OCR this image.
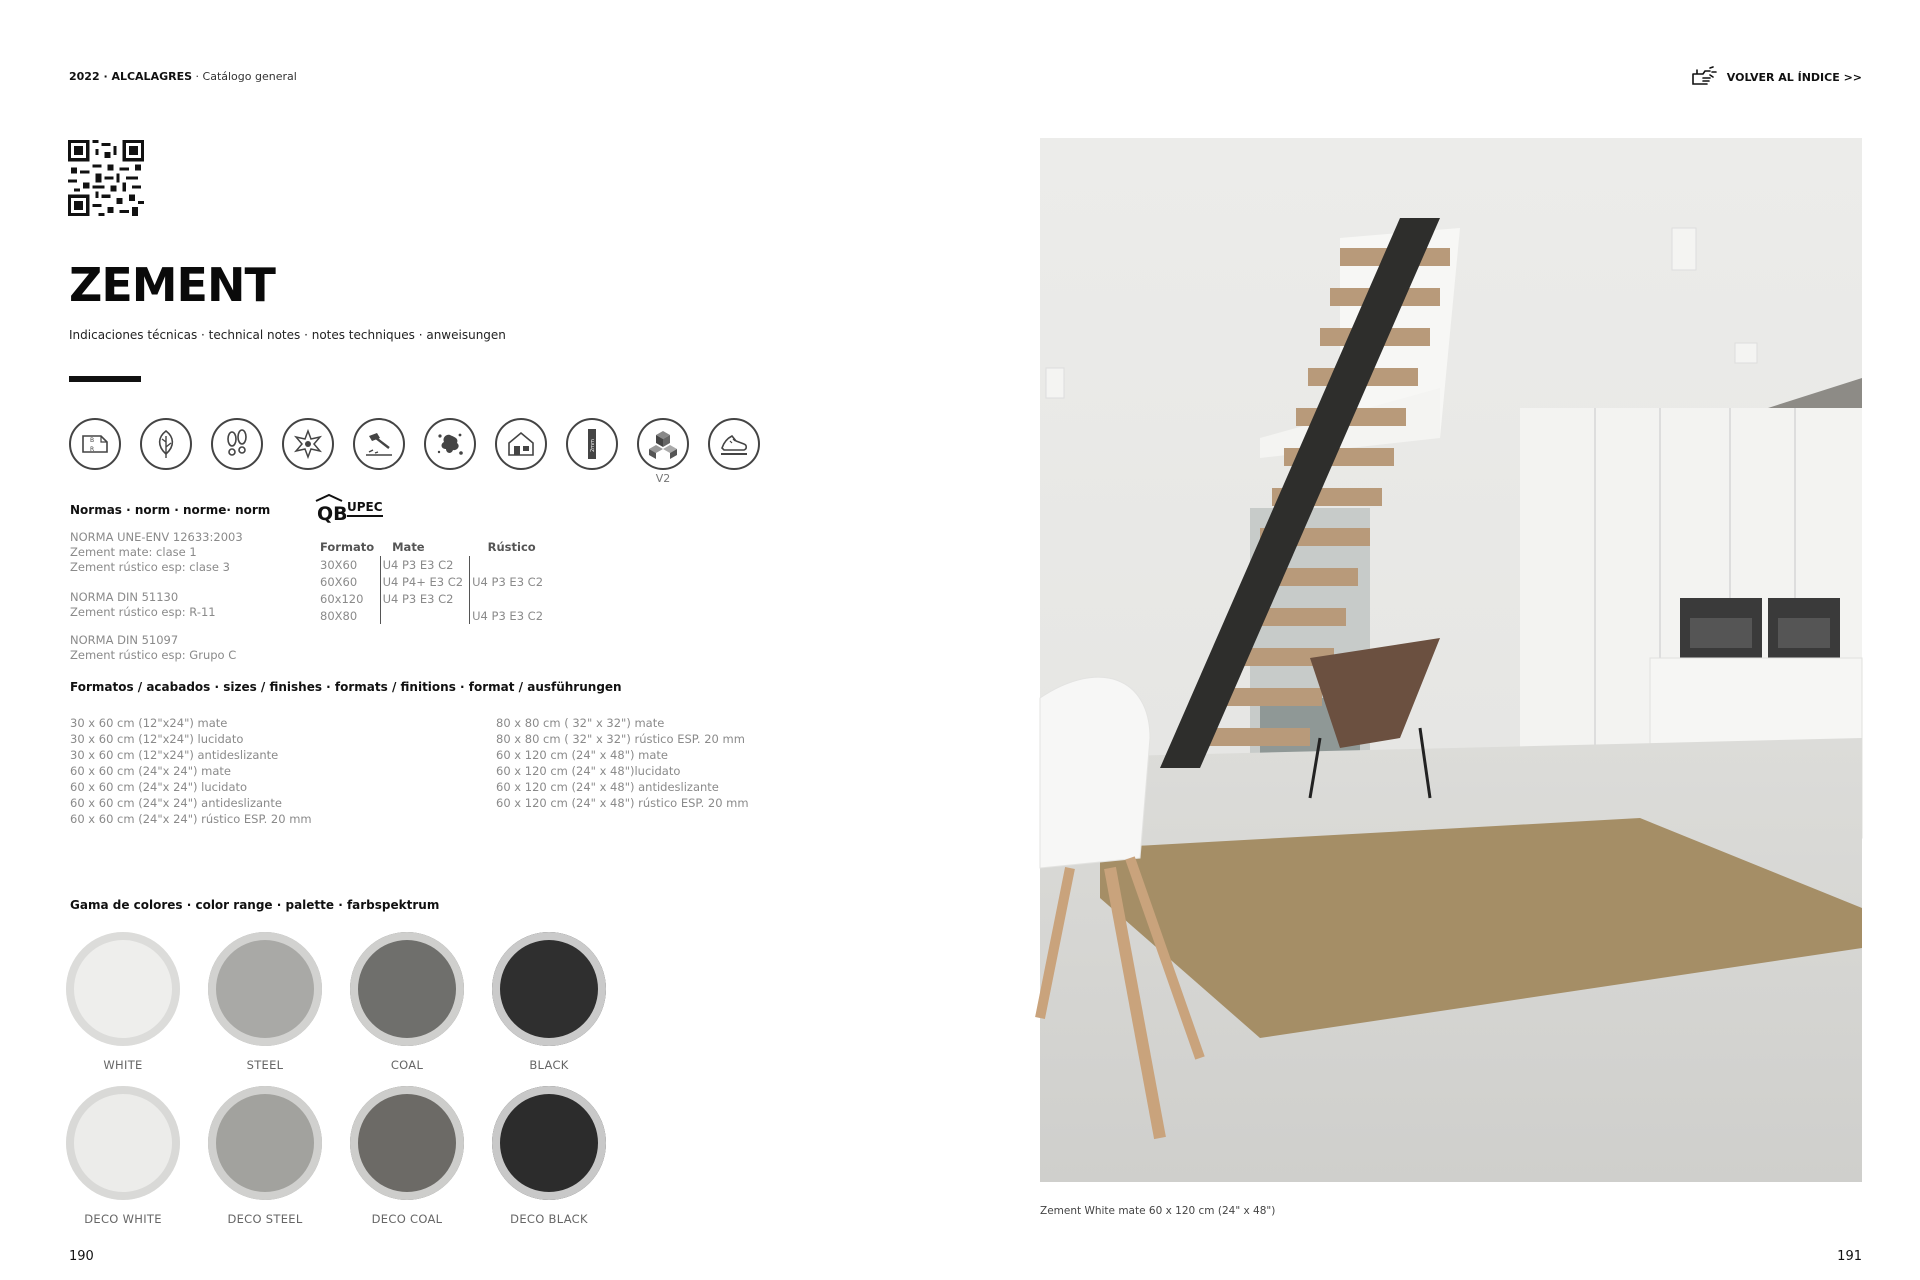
2022 · ALCALAGRES · Catálogo general	VOLVER AL ÍNDICE >>
ZEMENT
Indicaciones técnicas · technical notes · notes techniques · anweisungen
B
R	2mm
V2
Normas · norm · norme· norm
NORMA UNE-ENV 12633:2003
Zement mate: clase 1
Zement rústico esp: clase 3
NORMA DIN 51130
Zement rústico esp: R-11
NORMA DIN 51097
Zement rústico esp: Grupo C
QB UPEC
Formato	Mate	Rústico
30X60	U4 P3 E3 C2	
60X60	U4 P4+ E3 C2	U4 P3 E3 C2
60x120	U4 P3 E3 C2	
80X80		U4 P3 E3 C2
Formatos / acabados · sizes / finishes · formats / finitions · format / ausführungen
30 x 60 cm (12"x24") mate
30 x 60 cm (12"x24") lucidato
30 x 60 cm (12"x24") antideslizante
60 x 60 cm (24"x 24") mate
60 x 60 cm (24"x 24") lucidato
60 x 60 cm (24"x 24") antideslizante
60 x 60 cm (24"x 24") rústico ESP. 20 mm
80 x 80 cm ( 32" x 32") mate
80 x 80 cm ( 32" x 32") rústico ESP. 20 mm
60 x 120 cm (24" x 48") mate
60 x 120 cm (24" x 48")lucidato
60 x 120 cm (24" x 48") antideslizante
60 x 120 cm (24" x 48") rústico ESP. 20 mm
Gama de colores · color range · palette · farbspektrum
WHITE	STEEL	COAL	BLACK
DECO WHITE	DECO STEEL	DECO COAL	DECO BLACK
Zement White mate 60 x 120 cm (24" x 48")
190	191
